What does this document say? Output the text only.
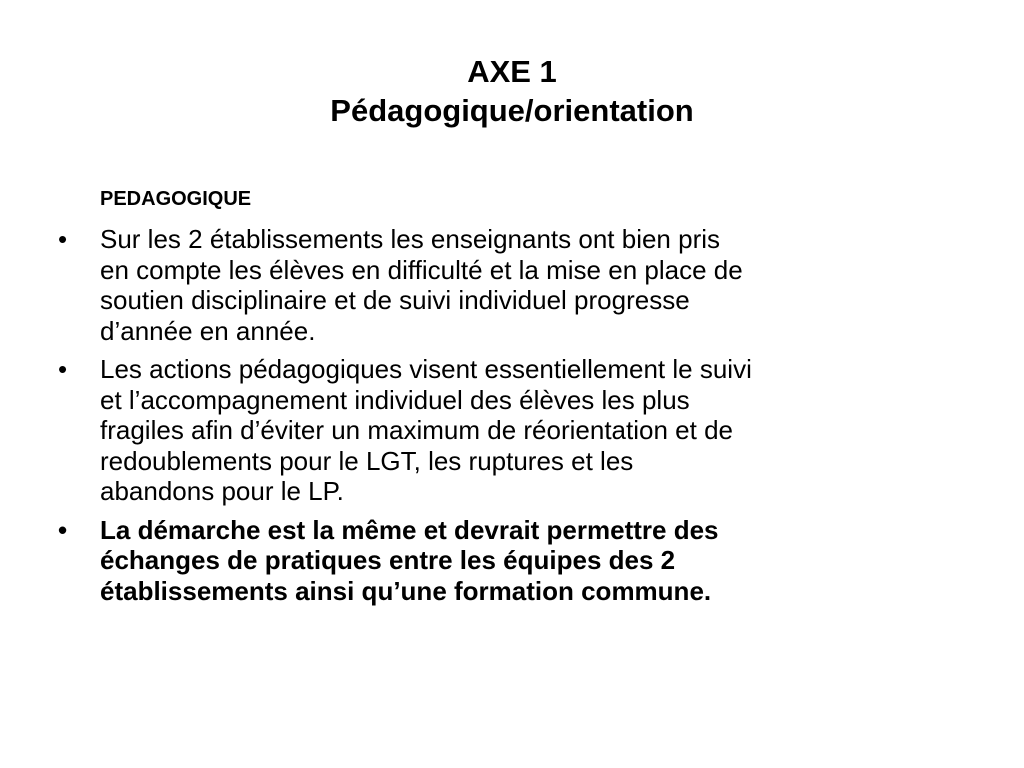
AXE 1
Pédagogique/orientation
PEDAGOGIQUE
• Sur les 2 établissements les enseignants ont bien pris
en compte les élèves en difficulté et la mise en place de
soutien disciplinaire et de suivi individuel progresse
d’année en année.
• Les actions pédagogiques visent essentiellement le suivi
et l’accompagnement individuel des élèves les plus
fragiles afin d’éviter un maximum de réorientation et de
redoublements pour le LGT, les ruptures et les
abandons pour le LP.
• La démarche est la même et devrait permettre des
échanges de pratiques entre les équipes des 2
établissements ainsi qu’une formation commune.
